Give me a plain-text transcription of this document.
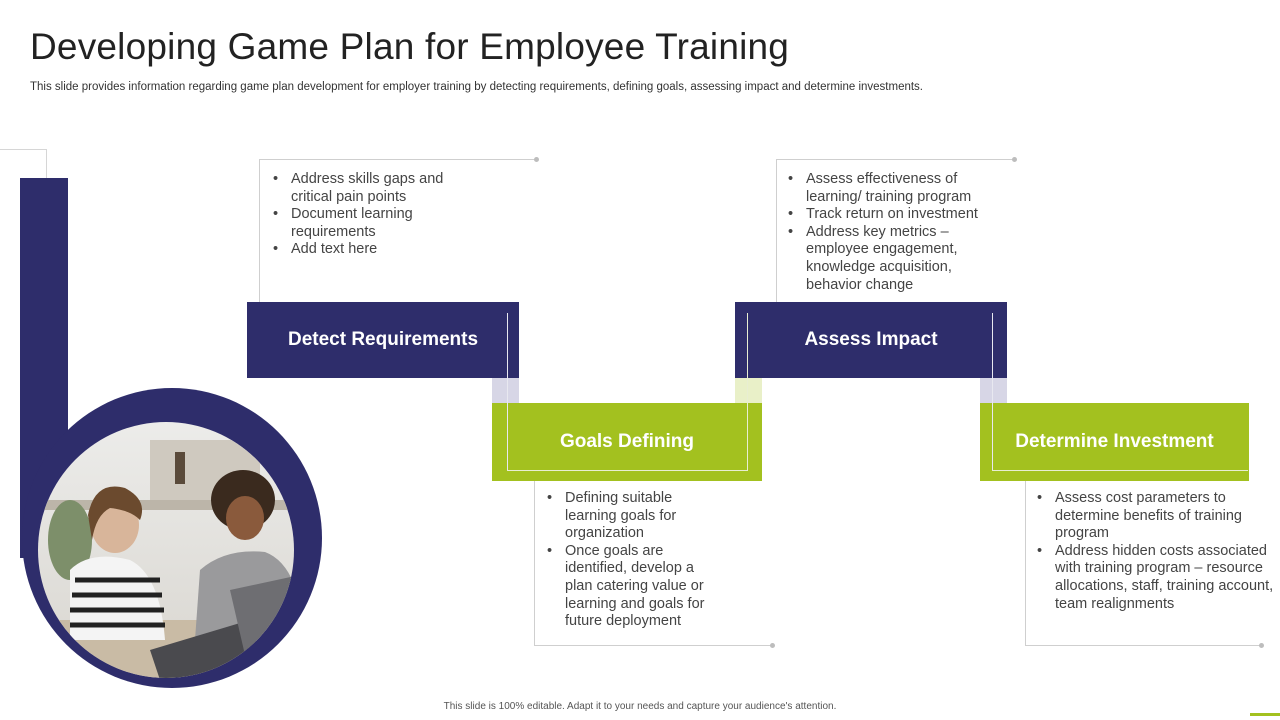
Developing Game Plan for Employee Training
This slide provides information regarding game plan development for employer training by detecting requirements, defining goals, assessing impact and determine investments.
Detect Requirements
Goals Defining
Assess Impact
Determine Investment
• Address skills gaps and critical pain points
• Document learning requirements
• Add text here
• Assess effectiveness of learning/ training program
• Track return on investment
• Address key metrics – employee engagement, knowledge acquisition, behavior change
• Defining suitable learning goals for organization
• Once goals are identified, develop a plan catering value or learning and goals for future deployment
• Assess cost parameters to determine benefits of training program
• Address hidden costs associated with training program – resource allocations, staff, training account, team realignments
This slide is 100% editable. Adapt it to your needs and capture your audience's attention.
